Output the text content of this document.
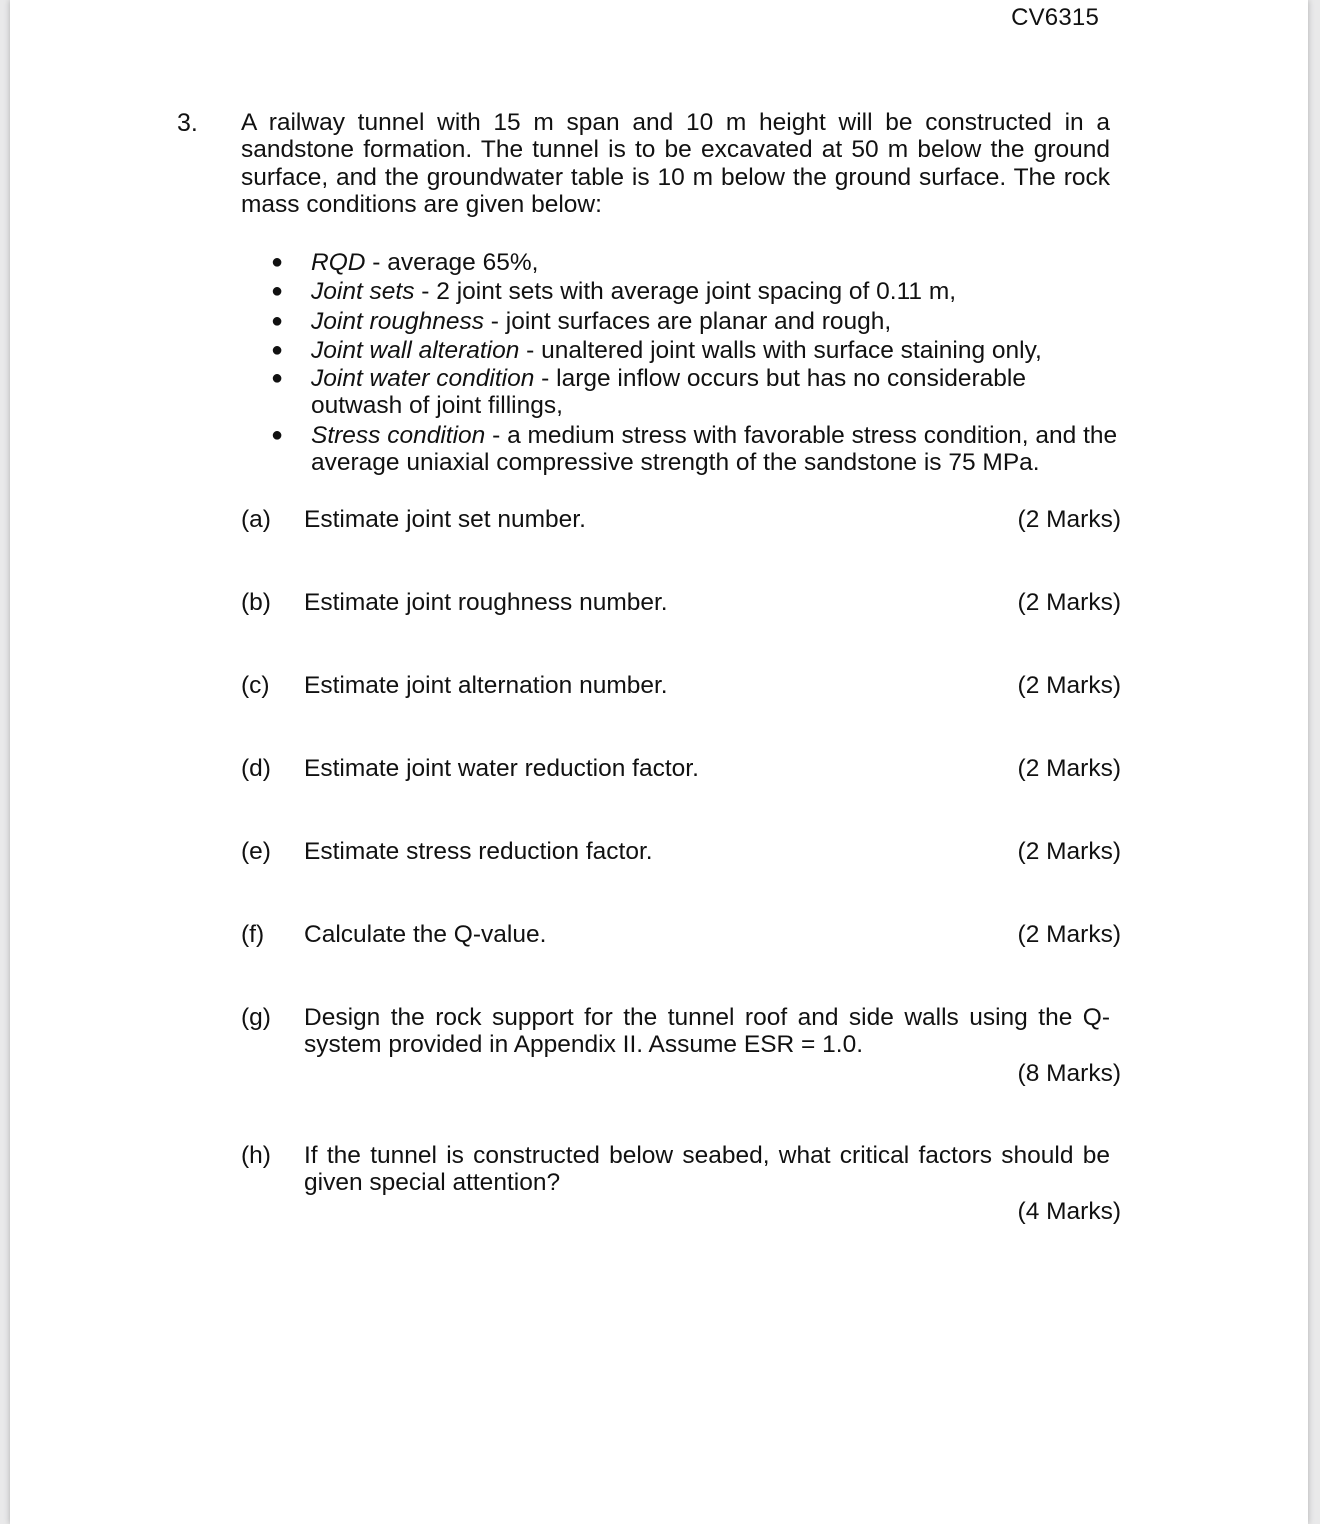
CV6315
3. A railway tunnel with 15 m span and 10 m height will be constructed in a sandstone formation. The tunnel is to be excavated at 50 m below the ground surface, and the groundwater table is 10 m below the ground surface. The rock mass conditions are given below:
● RQD - average 65%,
● Joint sets - 2 joint sets with average joint spacing of 0.11 m,
● Joint roughness - joint surfaces are planar and rough,
● Joint wall alteration - unaltered joint walls with surface staining only,
● Joint water condition - large inflow occurs but has no considerable outwash of joint fillings,
● Stress condition - a medium stress with favorable stress condition, and the average uniaxial compressive strength of the sandstone is 75 MPa.
(a) Estimate joint set number.	(2 Marks)
(b) Estimate joint roughness number.	(2 Marks)
(c) Estimate joint alternation number.	(2 Marks)
(d) Estimate joint water reduction factor.	(2 Marks)
(e) Estimate stress reduction factor.	(2 Marks)
(f) Calculate the Q-value.	(2 Marks)
(g) Design the rock support for the tunnel roof and side walls using the Q-system provided in Appendix II. Assume ESR = 1.0.
(8 Marks)
(h) If the tunnel is constructed below seabed, what critical factors should be given special attention?
(4 Marks)
